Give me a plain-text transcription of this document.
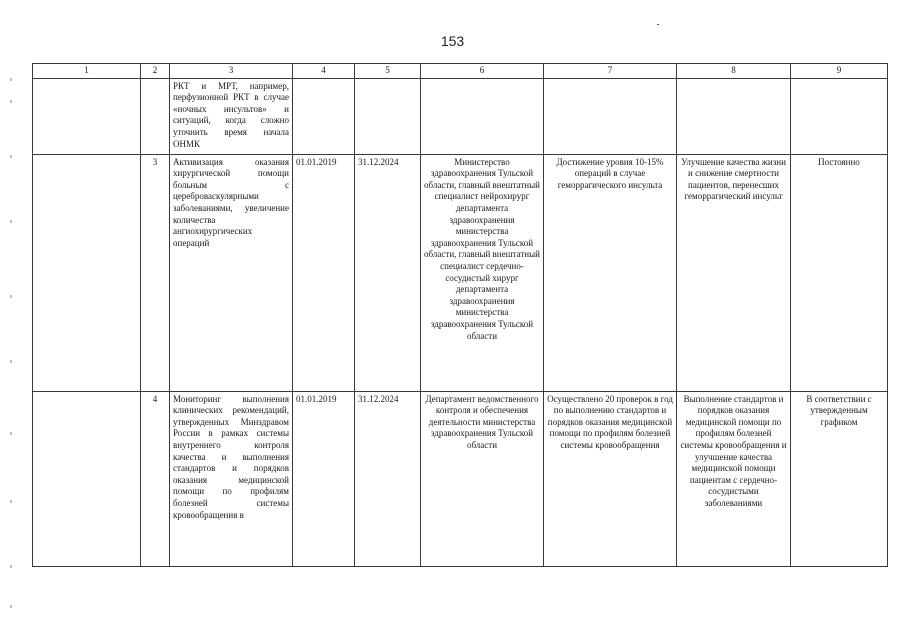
153
1	2	3	4	5	6	7	8	9
		РКТ и МРТ, например, перфузионной РКТ в случае «ночных инсультов» и ситуаций, когда сложно уточнить время начала ОНМК						
	3	Активизация оказания хирургической помощи больным с цереброваскулярными заболеваниями, увеличение количества ангиохирургических операций	01.01.2019	31.12.2024	Министерство здравоохранения Тульской области, главный внештатный специалист нейрохирург департамента здравоохранения министерства здравоохранения Тульской области, главный внештатный специалист сердечно-сосудистый хирург департамента здравоохранения министерства здравоохранения Тульской области	Достижение уровня 10-15% операций в случае геморрагического инсульта	Улучшение качества жизни и снижение смертности пациентов, перенесших геморрагический инсульт	Постоянно
	4	Мониторинг выполнения клинических рекомендаций, утвержденных Минздравом России в рамках системы внутреннего контроля качества и выполнения стандартов и порядков оказания медицинской помощи по профилям болезней системы кровообращения в	01.01.2019	31.12.2024	Департамент ведомственного контроля и обеспечения деятельности министерства здравоохранения Тульской области	Осуществлено 20 проверок в год по выполнению стандартов и порядков оказания медицинской помощи по профилям болезней системы кровообращения	Выполнение стандартов и порядков оказания медицинской помощи по профилям болезней системы кровообращения и улучшение качества медицинской помощи пациентам с сердечно-сосудистыми заболеваниями	В соответствии с утвержденным графиком
